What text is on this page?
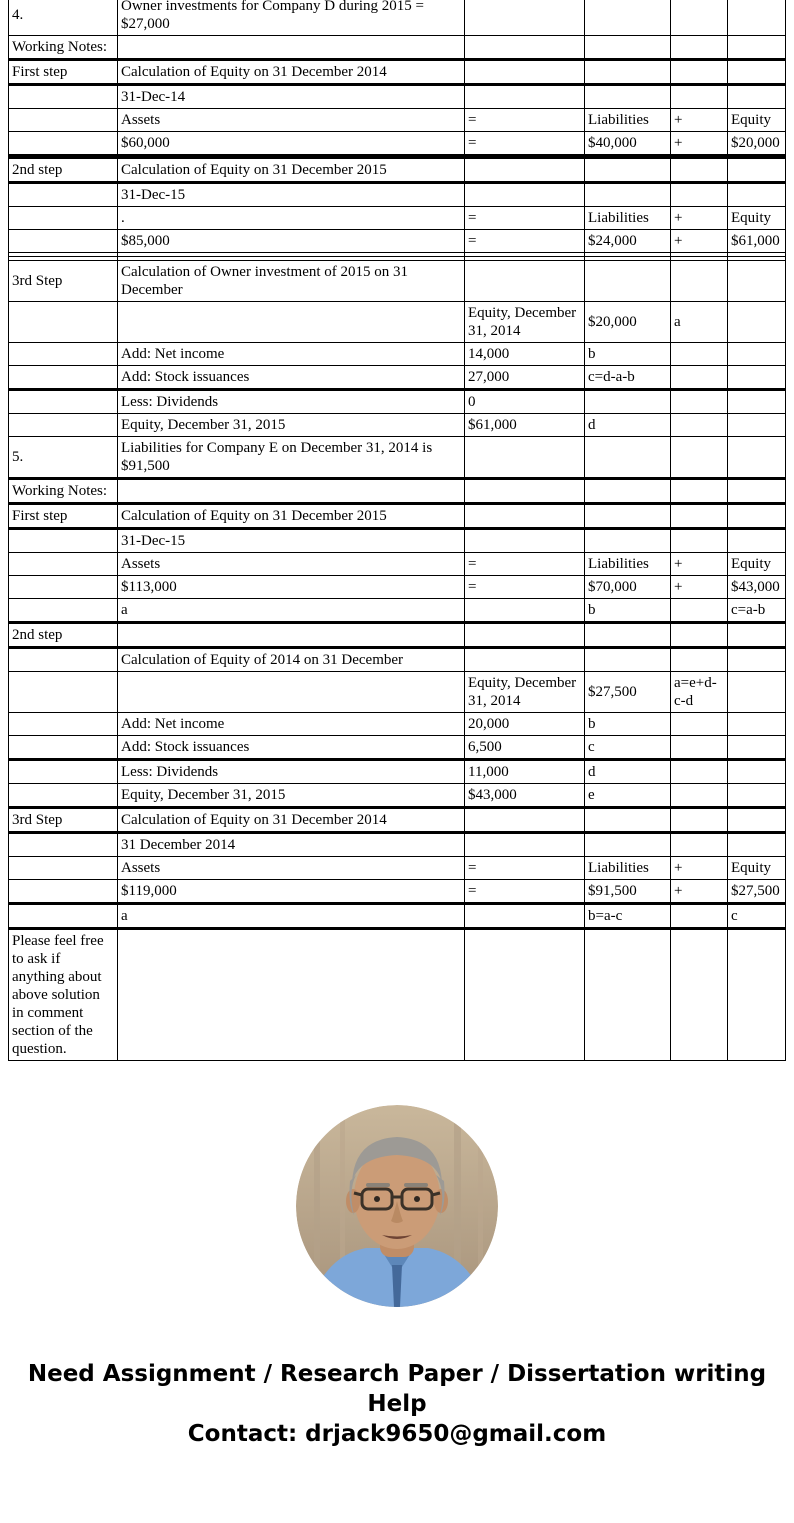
4.	Owner investments for Company D during 2015 = $27,000				
Working Notes:					
First step	Calculation of Equity on 31 December 2014				
	31-Dec-14				
	Assets	=	Liabilities	+	Equity
	$60,000	=	$40,000	+	$20,000
2nd step	Calculation of Equity on 31 December 2015				
	31-Dec-15				
	.	=	Liabilities	+	Equity
	$85,000	=	$24,000	+	$61,000

3rd Step	Calculation of Owner investment of 2015 on 31 December				
		Equity, December 31, 2014	$20,000	a	
	Add: Net income	14,000	b		
	Add: Stock issuances	27,000	c=d-a-b		
	Less: Dividends	0			
	Equity, December 31, 2015	$61,000	d		
5.	Liabilities for Company E on December 31, 2014 is $91,500				
Working Notes:					
First step	Calculation of Equity on 31 December 2015				
	31-Dec-15				
	Assets	=	Liabilities	+	Equity
	$113,000	=	$70,000	+	$43,000
	a		b		c=a-b
2nd step					
	Calculation of Equity of 2014 on 31 December				
		Equity, December 31, 2014	$27,500	a=e+d-c-d	
	Add: Net income	20,000	b		
	Add: Stock issuances	6,500	c		
	Less: Dividends	11,000	d		
	Equity, December 31, 2015	$43,000	e		
3rd Step	Calculation of Equity on 31 December 2014				
	31 December 2014				
	Assets	=	Liabilities	+	Equity
	$119,000	=	$91,500	+	$27,500
	a		b=a-c		c
Please feel free to ask if anything about above solution in comment section of the question.					

Need Assignment / Research Paper / Dissertation writing Help

Contact: drjack9650@gmail.com
